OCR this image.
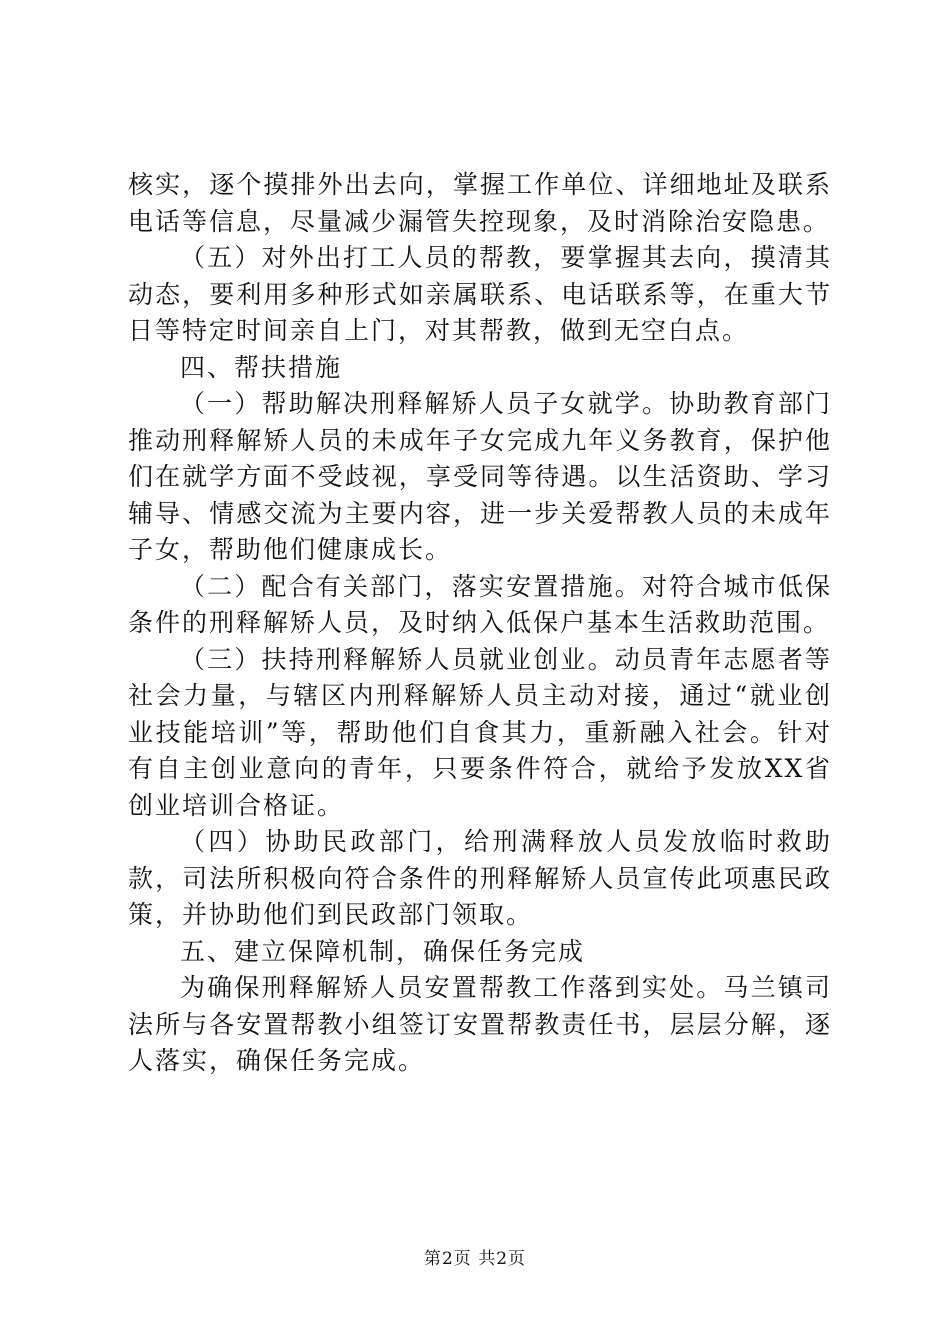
核实，逐个摸排外出去向，掌握工作单位、详细地址及联系电话等信息，尽量减少漏管失控现象，及时消除治安隐患。

（五）对外出打工人员的帮教，要掌握其去向，摸清其动态，要利用多种形式如亲属联系、电话联系等，在重大节日等特定时间亲自上门，对其帮教，做到无空白点。

四、帮扶措施

（一）帮助解决刑释解矫人员子女就学。协助教育部门推动刑释解矫人员的未成年子女完成九年义务教育，保护他们在就学方面不受歧视，享受同等待遇。以生活资助、学习辅导、情感交流为主要内容，进一步关爱帮教人员的未成年子女，帮助他们健康成长。

（二）配合有关部门，落实安置措施。对符合城市低保条件的刑释解矫人员，及时纳入低保户基本生活救助范围。

（三）扶持刑释解矫人员就业创业。动员青年志愿者等社会力量，与辖区内刑释解矫人员主动对接，通过“就业创业技能培训”等，帮助他们自食其力，重新融入社会。针对有自主创业意向的青年，只要条件符合，就给予发放XX省创业培训合格证。

（四）协助民政部门，给刑满释放人员发放临时救助款，司法所积极向符合条件的刑释解矫人员宣传此项惠民政策，并协助他们到民政部门领取。

五、建立保障机制，确保任务完成

为确保刑释解矫人员安置帮教工作落到实处。马兰镇司法所与各安置帮教小组签订安置帮教责任书，层层分解，逐人落实，确保任务完成。

第2页 共2页
